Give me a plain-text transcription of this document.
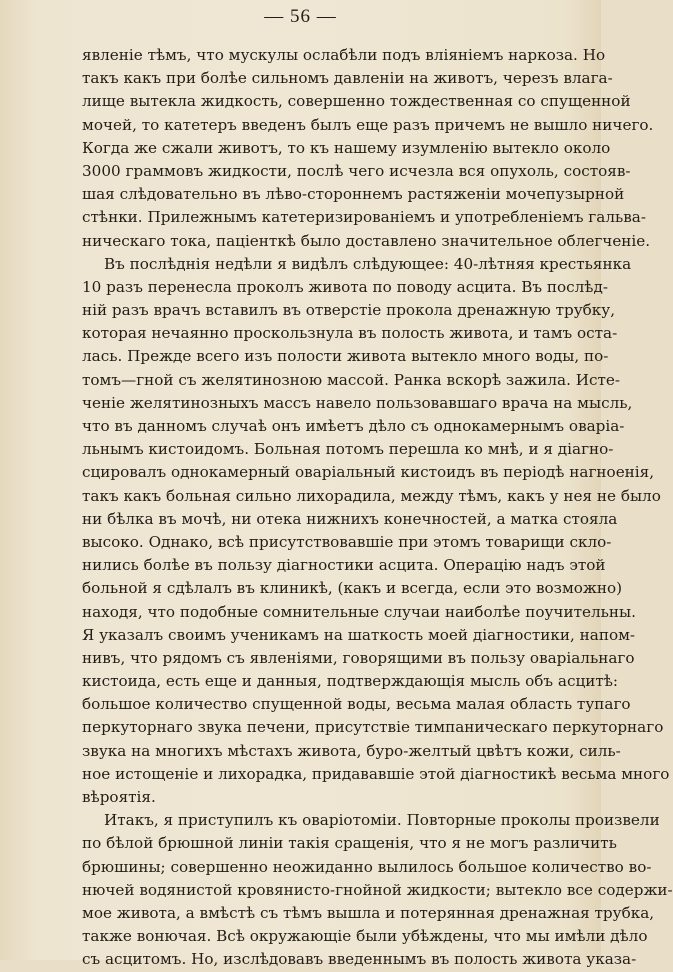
— 56 —
явленіе тѣмъ, что мускулы ослабѣли подъ вліяніемъ наркоза. Но
такъ какъ при болѣе сильномъ давленіи на животъ, черезъ влага-
лище вытекла жидкость, совершенно тождественная со спущенной
мочей, то катетеръ введенъ былъ еще разъ причемъ не вышло ничего.
Когда же сжали животъ, то къ нашему изумленію вытекло около
3000 граммовъ жидкости, послѣ чего исчезла вся опухоль, состояв-
шая слѣдовательно въ лѣво-стороннемъ растяженіи мочепузырной
стѣнки. Прилежнымъ катетеризированіемъ и употребленіемъ гальва-
ническаго тока, паціенткѣ было доставлено значительное облегченіе.
Въ послѣднія недѣли я видѣлъ слѣдующее: 40-лѣтняя крестьянка
10 разъ перенесла проколъ живота по поводу асцита. Въ послѣд-
ній разъ врачъ вставилъ въ отверстіе прокола дренажную трубку,
которая нечаянно проскользнула въ полость живота, и тамъ оста-
лась. Прежде всего изъ полости живота вытекло много воды, по-
томъ—гной съ желятинозною массой. Ранка вскорѣ зажила. Исте-
ченіе желятинозныхъ массъ навело пользовавшаго врача на мысль,
что въ данномъ случаѣ онъ имѣетъ дѣло съ однокамернымъ оваріа-
льнымъ кистоидомъ. Больная потомъ перешла ко мнѣ, и я діагно-
сцировалъ однокамерный оваріальный кистоидъ въ періодѣ нагноенія,
такъ какъ больная сильно лихорадила, между тѣмъ, какъ у нея не было
ни бѣлка въ мочѣ, ни отека нижнихъ конечностей, а матка стояла
высоко. Однако, всѣ присутствовавшіе при этомъ товарищи скло-
нились болѣе въ пользу діагностики асцита. Операцію надъ этой
больной я сдѣлалъ въ клиникѣ, (какъ и всегда, если это возможно)
находя, что подобные сомнительные случаи наиболѣе поучительны.
Я указалъ своимъ ученикамъ на шаткость моей діагностики, напом-
нивъ, что рядомъ съ явленіями, говорящими въ пользу оваріальнаго
кистоида, есть еще и данныя, подтверждающія мысль объ асцитѣ:
большое количество спущенной воды, весьма малая область тупаго
перкуторнаго звука печени, присутствіе тимпаническаго перкуторнаго
звука на многихъ мѣстахъ живота, буро-желтый цвѣтъ кожи, силь-
ное истощеніе и лихорадка, придававшіе этой діагностикѣ весьма много
вѣроятія.
Итакъ, я приступилъ къ оваріотоміи. Повторные проколы произвели
по бѣлой брюшной линіи такія сращенія, что я не могъ различить
брюшины; совершенно неожиданно вылилось большое количество во-
нючей водянистой кровянисто-гнойной жидкости; вытекло все содержи-
мое живота, а вмѣстѣ съ тѣмъ вышла и потерянная дренажная трубка,
также вонючая. Всѣ окружающіе были убѣждены, что мы имѣли дѣло
съ асцитомъ. Но, изслѣдовавъ введеннымъ въ полость живота указа-
